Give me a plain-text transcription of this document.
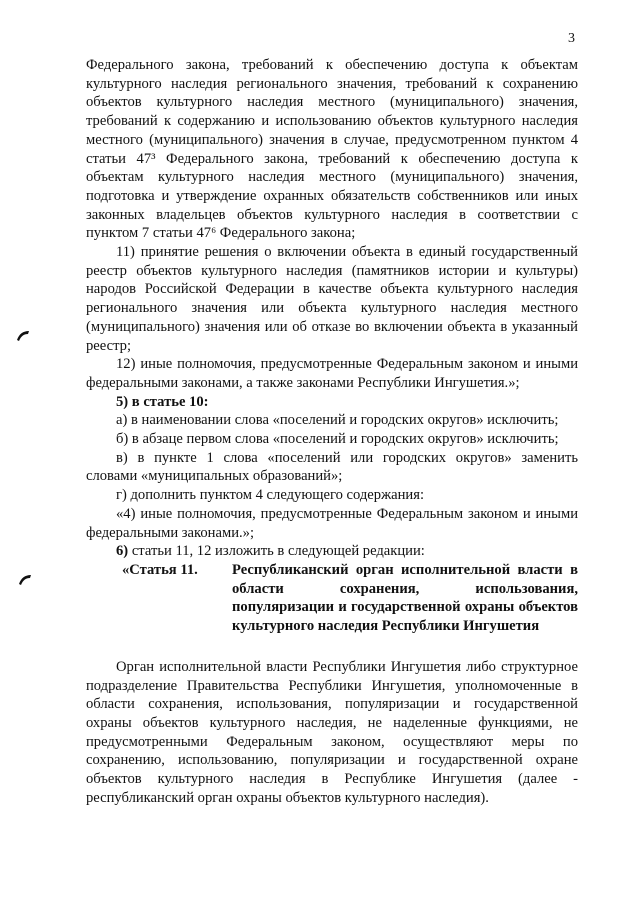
3

Федерального закона, требований к обеспечению доступа к объектам культурного наследия регионального значения, требований к сохранению объектов культурного наследия местного (муниципального) значения, требований к содержанию и использованию объектов культурного наследия местного (муниципального) значения в случае, предусмотренном пунктом 4 статьи 47³ Федерального закона, требований к обеспечению доступа к объектам культурного наследия местного (муниципального) значения, подготовка и утверждение охранных обязательств собственников или иных законных владельцев объектов культурного наследия в соответствии с пунктом 7 статьи 47⁶ Федерального закона;

11) принятие решения о включении объекта в единый государственный реестр объектов культурного наследия (памятников истории и культуры) народов Российской Федерации в качестве объекта культурного наследия регионального значения или объекта культурного наследия местного (муниципального) значения или об отказе во включении объекта в указанный реестр;

12) иные полномочия, предусмотренные Федеральным законом и иными федеральными законами, а также законами Республики Ингушетия.»;

5) в статье 10:

а) в наименовании слова «поселений и городских округов» исключить;

б) в абзаце первом слова «поселений и городских округов» исключить;

в) в пункте 1 слова «поселений или городских округов» заменить словами «муниципальных образований»;

г) дополнить пунктом 4 следующего содержания:

«4) иные полномочия, предусмотренные Федеральным законом и иными федеральными законами.»;

6) статьи 11, 12 изложить в следующей редакции:

«Статья 11.	Республиканский орган исполнительной власти в области сохранения, использования, популяризации и государственной охраны объектов культурного наследия Республики Ингушетия

Орган исполнительной власти Республики Ингушетия либо структурное подразделение Правительства Республики Ингушетия, уполномоченные в области сохранения, использования, популяризации и государственной охраны объектов культурного наследия, не наделенные функциями, не предусмотренными Федеральным законом, осуществляют меры по сохранению, использованию, популяризации и государственной охране объектов культурного наследия в Республике Ингушетия (далее - республиканский орган охраны объектов культурного наследия).
